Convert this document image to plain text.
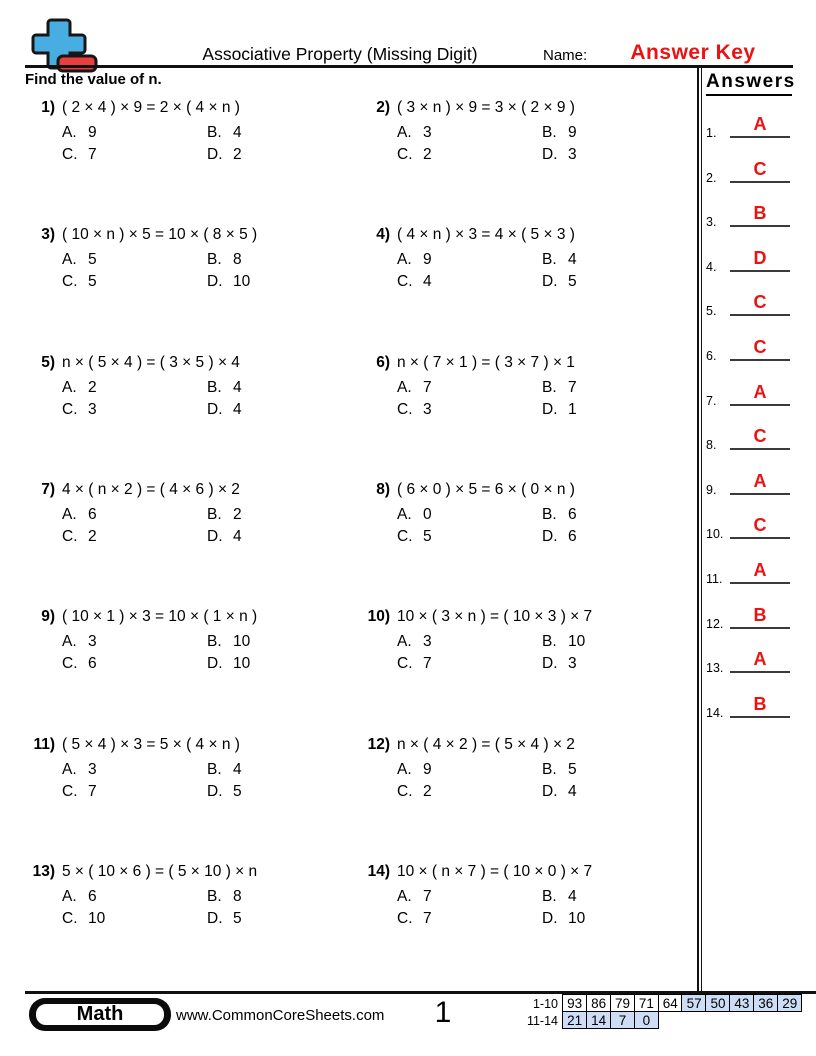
Associative Property (Missing Digit)	Name:	Answer Key
Find the value of n.	Answers
1.	A
2.	C
3.	B
4.	D
5.	C
6.	C
7.	A
8.	C
9.	A
10.	C
11.	A
12.	B
13.	A
14.	B
1) ( 2 × 4 ) × 9 = 2 × ( 4 × n )
A. 9	B. 4
C. 7	D. 2
2) ( 3 × n ) × 9 = 3 × ( 2 × 9 )
A. 3	B. 9
C. 2	D. 3
3) ( 10 × n ) × 5 = 10 × ( 8 × 5 )
A. 5	B. 8
C. 5	D. 10
4) ( 4 × n ) × 3 = 4 × ( 5 × 3 )
A. 9	B. 4
C. 4	D. 5
5) n × ( 5 × 4 ) = ( 3 × 5 ) × 4
A. 2	B. 4
C. 3	D. 4
6) n × ( 7 × 1 ) = ( 3 × 7 ) × 1
A. 7	B. 7
C. 3	D. 1
7) 4 × ( n × 2 ) = ( 4 × 6 ) × 2
A. 6	B. 2
C. 2	D. 4
8) ( 6 × 0 ) × 5 = 6 × ( 0 × n )
A. 0	B. 6
C. 5	D. 6
9) ( 10 × 1 ) × 3 = 10 × ( 1 × n )
A. 3	B. 10
C. 6	D. 10
10) 10 × ( 3 × n ) = ( 10 × 3 ) × 7
A. 3	B. 10
C. 7	D. 3
11) ( 5 × 4 ) × 3 = 5 × ( 4 × n )
A. 3	B. 4
C. 7	D. 5
12) n × ( 4 × 2 ) = ( 5 × 4 ) × 2
A. 9	B. 5
C. 2	D. 4
13) 5 × ( 10 × 6 ) = ( 5 × 10 ) × n
A. 6	B. 8
C. 10	D. 5
14) 10 × ( n × 7 ) = ( 10 × 0 ) × 7
A. 7	B. 4
C. 7	D. 10
Math	www.CommonCoreSheets.com	1	1-10 93 86 79 71 64 57 50 43 36 29
11-14 21 14 7	0
